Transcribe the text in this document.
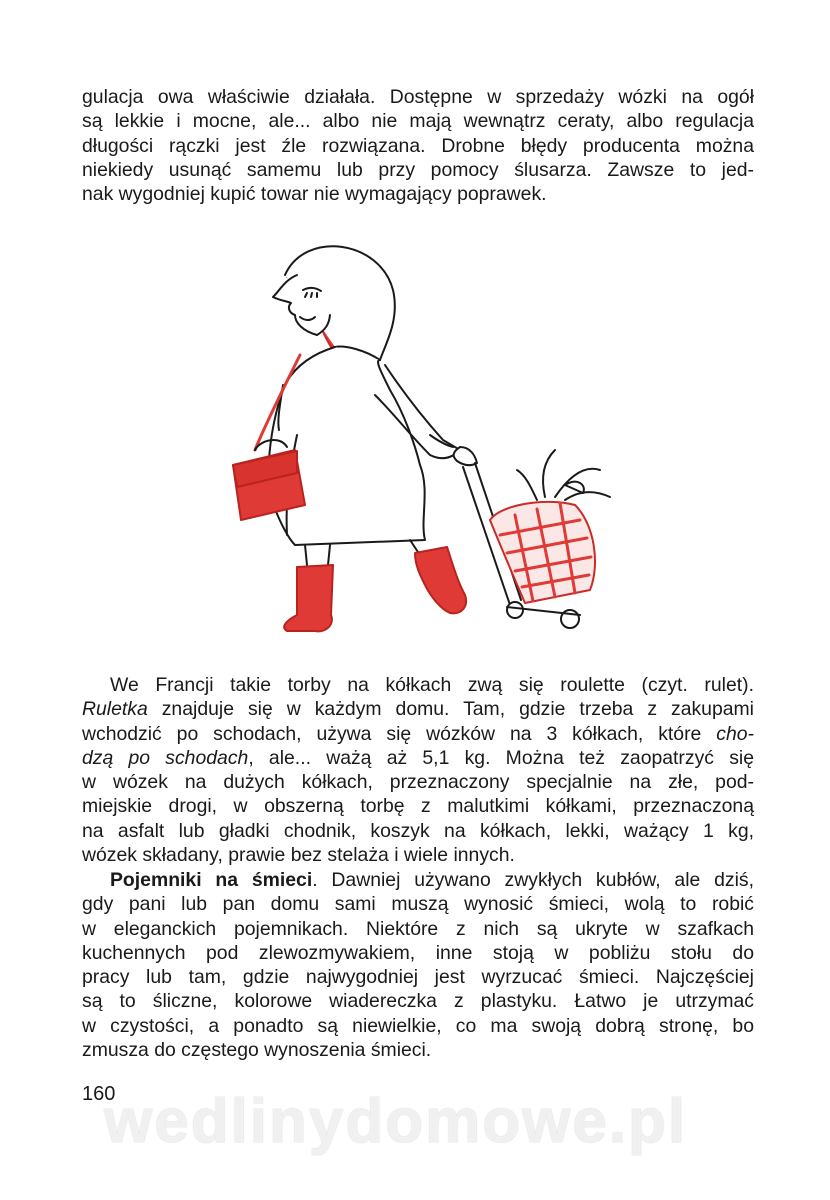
gulacja owa właściwie działała. Dostępne w sprzedaży wózki na ogół
są lekkie i mocne, ale... albo nie mają wewnątrz ceraty, albo regulacja
długości rączki jest źle rozwiązana. Drobne błędy producenta można
niekiedy usunąć samemu lub przy pomocy ślusarza. Zawsze to jed-
nak wygodniej kupić towar nie wymagający poprawek.
We Francji takie torby na kółkach zwą się roulette (czyt. rulet).
Ruletka znajduje się w każdym domu. Tam, gdzie trzeba z zakupami
wchodzić po schodach, używa się wózków na 3 kółkach, które cho-
dzą po schodach, ale... ważą aż 5,1 kg. Można też zaopatrzyć się
w wózek na dużych kółkach, przeznaczony specjalnie na złe, pod-
miejskie drogi, w obszerną torbę z malutkimi kółkami, przeznaczoną
na asfalt lub gładki chodnik, koszyk na kółkach, lekki, ważący 1 kg,
wózek składany, prawie bez stelaża i wiele innych.
Pojemniki na śmieci. Dawniej używano zwykłych kubłów, ale dziś,
gdy pani lub pan domu sami muszą wynosić śmieci, wolą to robić
w eleganckich pojemnikach. Niektóre z nich są ukryte w szafkach
kuchennych pod zlewozmywakiem, inne stoją w pobliżu stołu do
pracy lub tam, gdzie najwygodniej jest wyrzucać śmieci. Najczęściej
są to śliczne, kolorowe wiadereczka z plastyku. Łatwo je utrzymać
w czystości, a ponadto są niewielkie, co ma swoją dobrą stronę, bo
zmusza do częstego wynoszenia śmieci.
160
wedlinydomowe.pl
